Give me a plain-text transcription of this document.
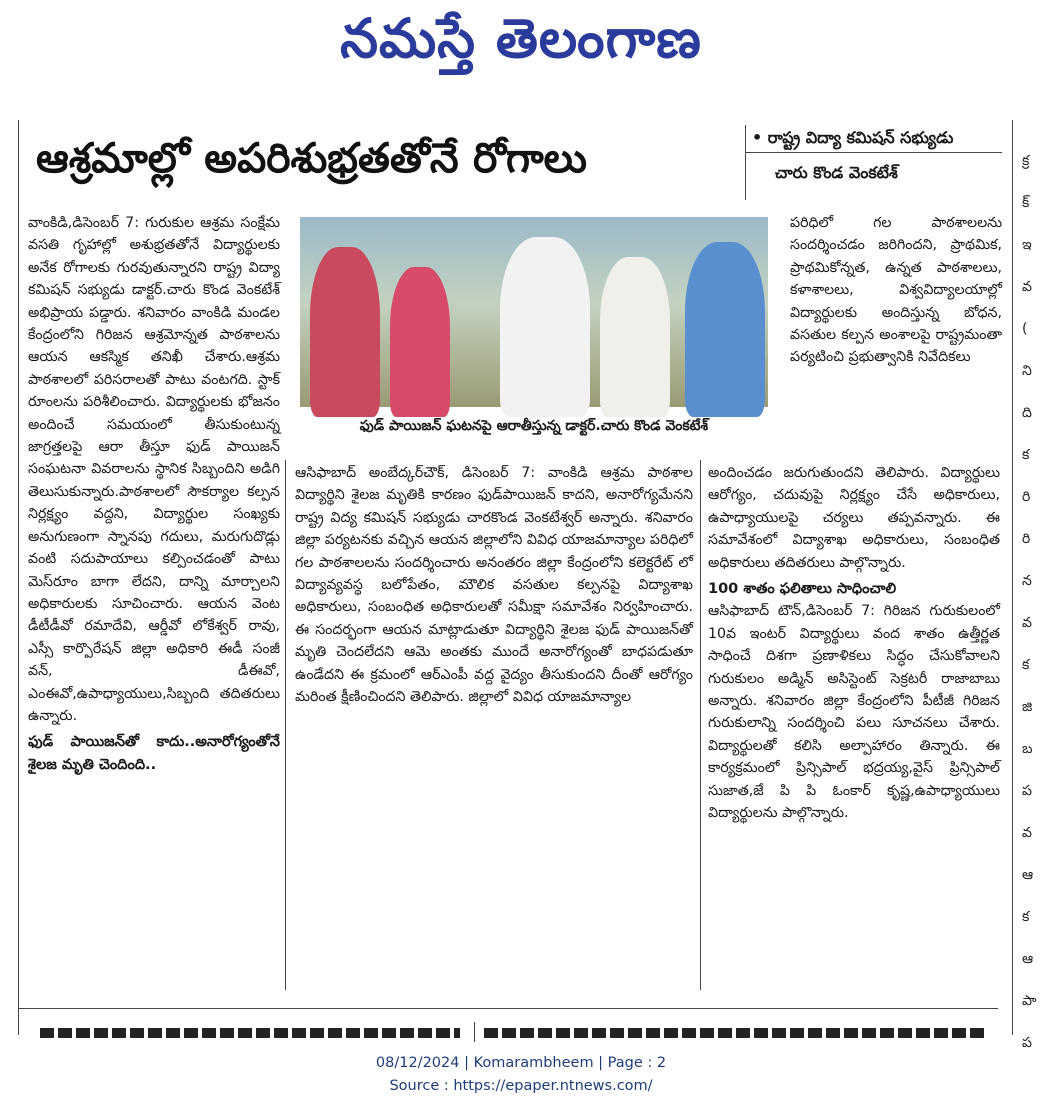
నమస్తే తెలంగాణ
ఆశ్రమాల్లో అపరిశుభ్రతతోనే రోగాలు	• రాష్ట్ర విద్యా కమిషన్ సభ్యుడు
చారు కొండ వెంకటేశ్
వాంకిడి,డిసెంబర్ 7: గురుకుల ఆశ్రమ సంక్షేమ వసతి గృహాల్లో అశుభ్రతతోనే విద్యార్థులకు అనేక రోగాలకు గురవుతున్నారని రాష్ట్ర విద్యా కమిషన్ సభ్యుడు డాక్టర్.చారు కొండ వెంకటేశ్ అభిప్రాయ పడ్డారు. శనివారం వాంకిడి మండల కేంద్రంలోని గిరిజన ఆశ్రమోన్నత పాఠశాలను ఆయన ఆకస్మిక తనిఖీ చేశారు.ఆశ్రమ పాఠశాలలో పరిసరాలతో పాటు వంటగది. స్టాక్ రూంలను పరిశీలించారు. విద్యార్థులకు భోజనం అందించే సమయంలో తీసుకుంటున్న జాగ్రత్తలపై ఆరా తీస్తూ ఫుడ్ పాయిజన్ సంఘటనా వివరాలను స్థానిక సిబ్బందిని అడిగి తెలుసుకున్నారు.పాఠశాలలో సౌకర్యాల కల్పన నిర్లక్ష్యం వద్దని, విద్యార్థుల సంఖ్యకు అనుగుణంగా స్నానపు గదులు, మరుగుదొడ్లు వంటి సదుపాయాలు కల్పించడంతో పాటు మెస్‌రూం బాగా లేదని, దాన్ని మార్చాలని అధికారులకు సూచించారు. ఆయన వెంట డీటీడీవో రమాదేవి, ఆర్డీవో లోకేశ్వర్ రావు, ఎస్సీ కార్పొరేషన్ జిల్లా అధికారి ఈడీ సంజీ వన్, డీఈవో, ఎంఈవో,ఉపాధ్యాయులు,సిబ్బంది తదితరులు ఉన్నారు.
ఫుడ్ పాయిజన్‌తో కాదు..అనారోగ్యంతోనే శైలజ మృతి చెందింది..
ఫుడ్ పాయిజన్ ఘటనపై ఆరాతీస్తున్న డాక్టర్.చారు కొండ వెంకటేశ్
ఆసిఫాబాద్ అంబేద్కర్‌చౌక్, డిసెంబర్ 7: వాంకిడి ఆశ్రమ పాఠశాల విద్యార్థిని శైలజ మృతికి కారణం ఫుడ్‌పాయిజన్ కాదని, అనారోగ్యమేనని రాష్ట్ర విద్య కమిషన్ సభ్యుడు చారకొండ వెంకటేశ్వర్ అన్నారు. శనివారం జిల్లా పర్యటనకు వచ్చిన ఆయన జిల్లాలోని వివిధ యాజమాన్యాల పరిధిలో గల పాఠశాలలను సందర్శించారు అనంతరం జిల్లా కేంద్రంలోని కలెక్టరేట్ లో విద్యావ్యవస్థ బలోపేతం, మౌలిక వసతుల కల్పనపై విద్యాశాఖ అధికారులు, సంబంధిత అధికారులతో సమీక్షా సమావేశం నిర్వహించారు. ఈ సందర్భంగా ఆయన మాట్లాడుతూ విద్యార్థిని శైలజ ఫుడ్ పాయిజన్‌తో మృతి చెందలేదని ఆమె అంతకు ముందే అనారోగ్యంతో బాధపడుతూ ఉండేదని ఈ క్రమంలో ఆర్‌ఎంపీ వద్ద వైద్యం తీసుకుందని దీంతో ఆరోగ్యం మరింత క్షీణించిందని తెలిపారు. జిల్లాలో వివిధ యాజమాన్యాల
పరిధిలో గల పాఠశాలలను సందర్శించడం జరిగిందని, ప్రాథమిక, ప్రాథమికోన్నత, ఉన్నత పాఠశాలలు, కళాశాలలు, విశ్వవిద్యాలయాల్లో విద్యార్థులకు అందిస్తున్న బోధన, వసతుల కల్పన అంశాలపై రాష్ట్రమంతా పర్యటించి ప్రభుత్వానికి నివేదికలు
అందించడం జరుగుతుందని తెలిపారు. విద్యార్థులు ఆరోగ్యం, చదువుపై నిర్లక్ష్యం చేసే అధికారులు, ఉపాధ్యాయులపై చర్యలు తప్పవన్నారు. ఈ సమావేశంలో విద్యాశాఖ అధికారులు, సంబంధిత అధికారులు తదితరులు పాల్గొన్నారు.
100 శాతం ఫలితాలు సాధించాలి
ఆసిఫాబాద్ టౌన్,డిసెంబర్ 7: గిరిజన గురుకులంలో 10వ ఇంటర్ విద్యార్థులు వంద శాతం ఉత్తీర్ణత సాధించే దిశగా ప్రణాళికలు సిద్ధం చేసుకోవాలని గురుకులం అడ్మిన్ అసిస్టెంట్ సెక్రటరీ రాజాబాబు అన్నారు. శనివారం జిల్లా కేంద్రంలోని పీటీజీ గిరిజన గురుకులాన్ని సందర్శించి పలు సూచనలు చేశారు. విద్యార్థులతో కలిసి అల్పాహారం తిన్నారు. ఈ కార్యక్రమంలో ప్రిన్సిపాల్ భద్రయ్య,వైస్ ప్రిన్సిపాల్ సుజాత,జే పి పి ఓంకార్ కృష్ణ,ఉపాధ్యాయులు విద్యార్థులను పాల్గొన్నారు.
క్ర
క్
ఇ
వ
(
ని
ది
క
రి
రి
న
వ
క
జి
బ
ప
వ
ఆ
క
ఆ
పా
ప
08/12/2024 | Komarambheem | Page : 2
Source : https://epaper.ntnews.com/
